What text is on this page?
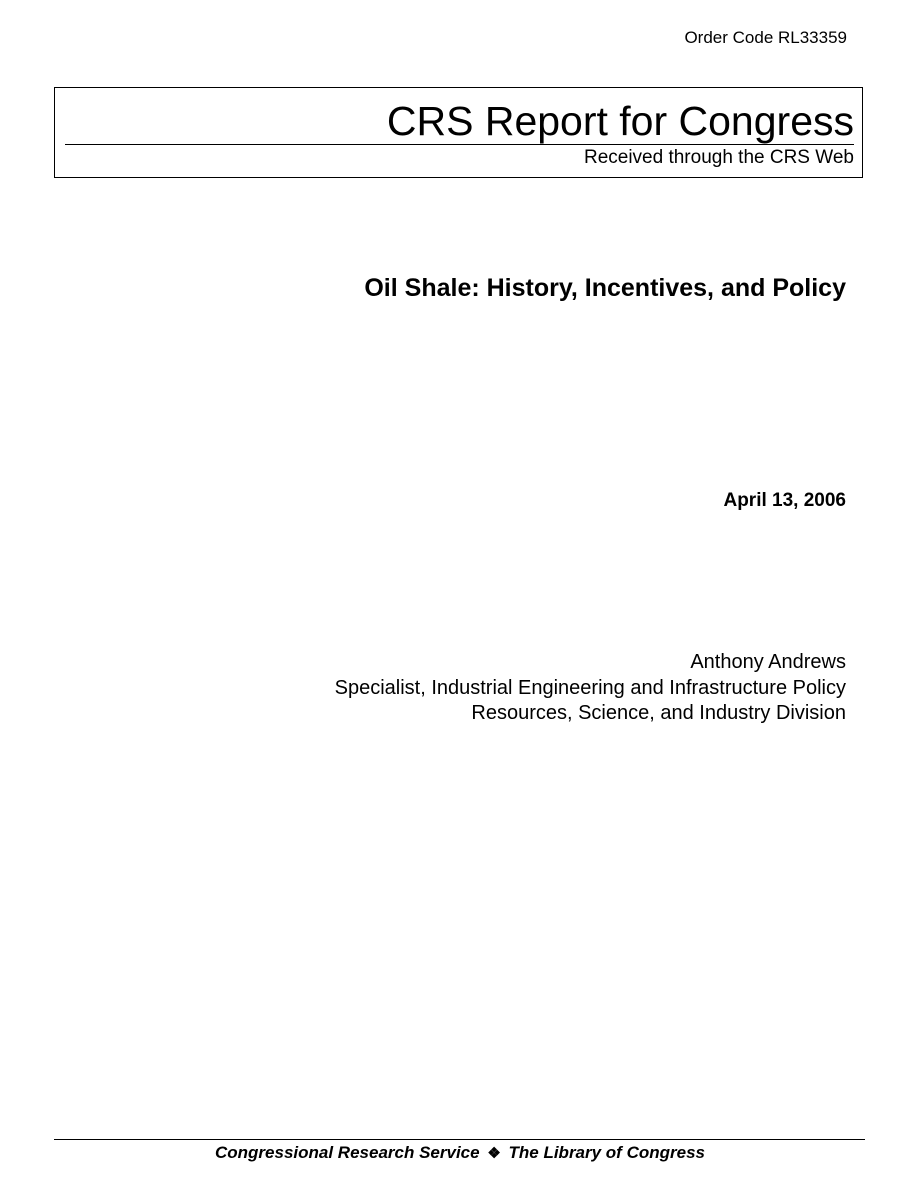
Order Code RL33359
CRS Report for Congress
Received through the CRS Web
Oil Shale: History, Incentives, and Policy
April 13, 2006
Anthony Andrews
Specialist, Industrial Engineering and Infrastructure Policy
Resources, Science, and Industry Division
Congressional Research Service ❖ The Library of Congress
